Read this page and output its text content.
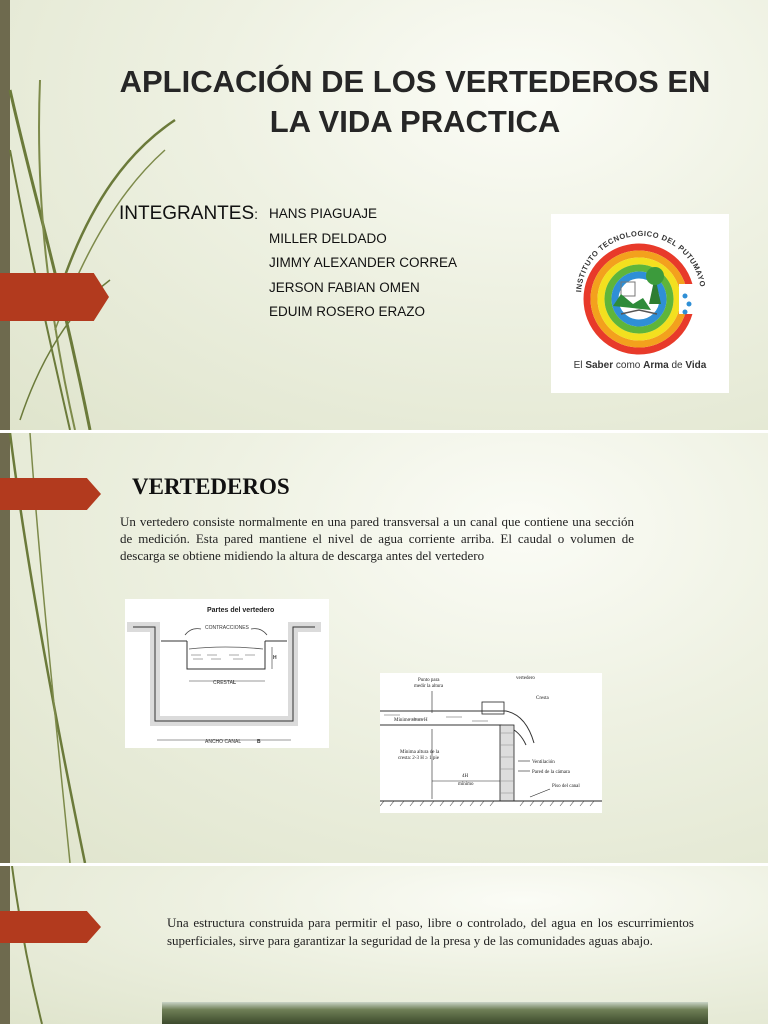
APLICACIÓN DE LOS VERTEDEROS EN LA VIDA PRACTICA
INTEGRANTES: HANS PIAGUAJE
MILLER DELDADO
JIMMY ALEXANDER CORREA
JERSON FABIAN OMEN
EDUIM ROSERO ERAZO
INSTITUTO TECNOLOGICO DEL PUTUMAYO
El Saber como Arma de Vida
VERTEDEROS

Un vertedero consiste normalmente en una pared transversal a un canal que contiene una sección de medición. Esta pared mantiene el nivel de agua corriente arriba. El caudal o volumen de descarga se obtiene midiendo la altura de descarga antes del vertedero

Partes del vertedero
CONTRACCIONES
H
CRESTA L
ANCHO CANAL	B
Punto para
medir la altura
vertedero
Cresta
Mínimo altura H
Mínima altura de la
cresta: 2-3 H ≥ 1 pie
4H
mínimo
Ventilación
Pared de la cámara
Piso del canal

Una estructura construida para permitir el paso, libre o controlado, del agua en los escurrimientos superficiales, sirve para garantizar la seguridad de la presa y de las comunidades aguas abajo.
